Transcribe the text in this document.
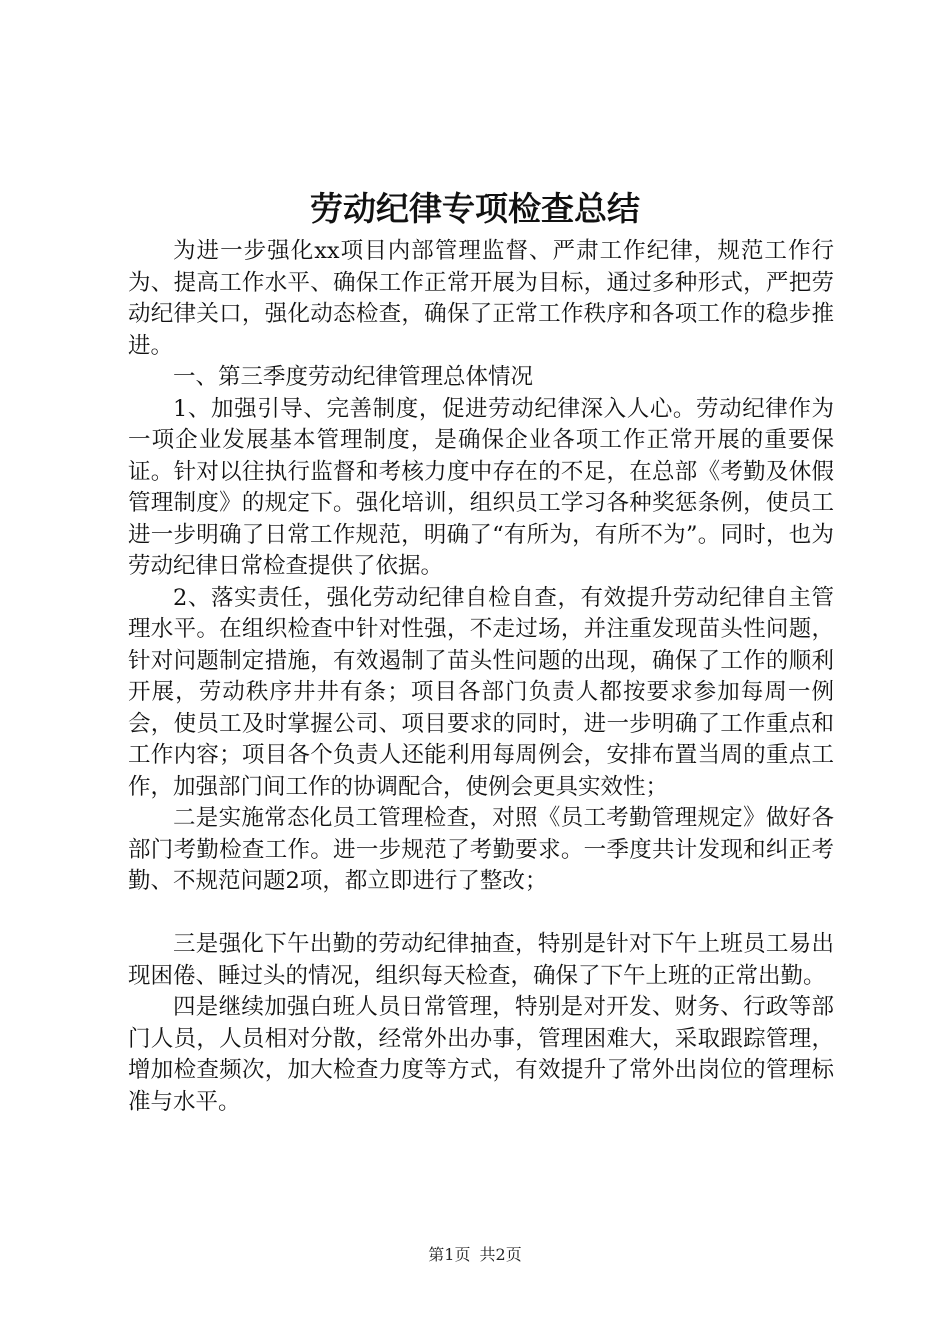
劳动纪律专项检查总结

为进一步强化xx项目内部管理监督、严肃工作纪律，规范工作行为、提高工作水平、确保工作正常开展为目标，通过多种形式，严把劳动纪律关口，强化动态检查，确保了正常工作秩序和各项工作的稳步推进。

一、第三季度劳动纪律管理总体情况

1、加强引导、完善制度，促进劳动纪律深入人心。劳动纪律作为一项企业发展基本管理制度，是确保企业各项工作正常开展的重要保证。针对以往执行监督和考核力度中存在的不足，在总部《考勤及休假管理制度》的规定下。强化培训，组织员工学习各种奖惩条例，使员工进一步明确了日常工作规范，明确了“有所为，有所不为”。同时，也为劳动纪律日常检查提供了依据。

2、落实责任，强化劳动纪律自检自查，有效提升劳动纪律自主管理水平。在组织检查中针对性强，不走过场，并注重发现苗头性问题，针对问题制定措施，有效遏制了苗头性问题的出现，确保了工作的顺利开展，劳动秩序井井有条；项目各部门负责人都按要求参加每周一例会，使员工及时掌握公司、项目要求的同时，进一步明确了工作重点和工作内容；项目各个负责人还能利用每周例会，安排布置当周的重点工作，加强部门间工作的协调配合，使例会更具实效性；

二是实施常态化员工管理检查，对照《员工考勤管理规定》做好各部门考勤检查工作。进一步规范了考勤要求。一季度共计发现和纠正考勤、不规范问题2项，都立即进行了整改；

三是强化下午出勤的劳动纪律抽查，特别是针对下午上班员工易出现困倦、睡过头的情况，组织每天检查，确保了下午上班的正常出勤。

四是继续加强白班人员日常管理，特别是对开发、财务、行政等部门人员，人员相对分散，经常外出办事，管理困难大，采取跟踪管理，增加检查频次，加大检查力度等方式，有效提升了常外出岗位的管理标准与水平。

第1页 共2页
